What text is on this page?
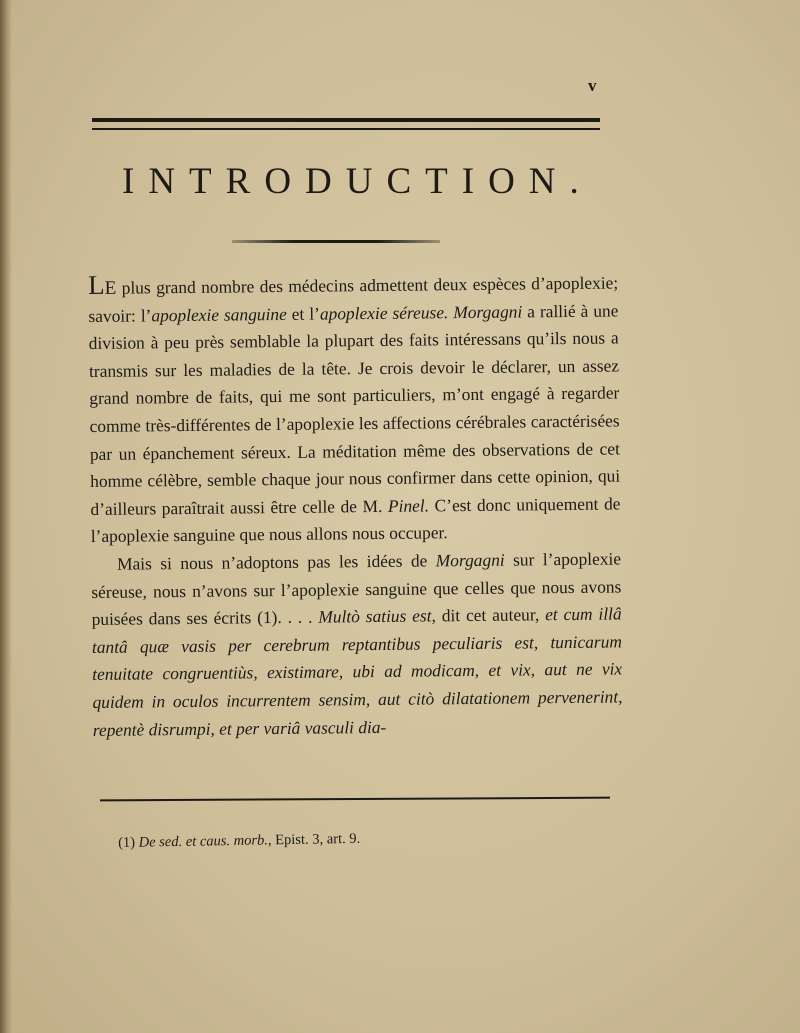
v
INTRODUCTION.

Le plus grand nombre des médecins admettent deux espèces d’apoplexie; savoir: l’apoplexie sanguine et l’apoplexie séreuse. Morgagni a rallié à une division à peu près semblable la plupart des faits intéressans qu’ils nous a transmis sur les maladies de la tête. Je crois devoir le déclarer, un assez grand nombre de faits, qui me sont particuliers, m’ont engagé à regarder comme très-différentes de l’apoplexie les affections cérébrales caractérisées par un épanchement séreux. La méditation même des observations de cet homme célèbre, semble chaque jour nous confirmer dans cette opinion, qui d’ailleurs paraîtrait aussi être celle de M. Pinel. C’est donc uniquement de l’apoplexie sanguine que nous allons nous occuper.

Mais si nous n’adoptons pas les idées de Morgagni sur l’apoplexie séreuse, nous n’avons sur l’apoplexie sanguine que celles que nous avons puisées dans ses écrits (1). . . . Multò satius est, dit cet auteur, et cum illâ tantâ quæ vasis per cerebrum reptantibus peculiaris est, tunicarum tenuitate congruentiùs, existimare, ubi ad modicam, et vix, aut ne vix quidem in oculos incurrentem sensim, aut citò dilatationem pervenerint, repentè disrumpi, et per variâ vasculi dia-

(1) De sed. et caus. morb., Epist. 3, art. 9.
